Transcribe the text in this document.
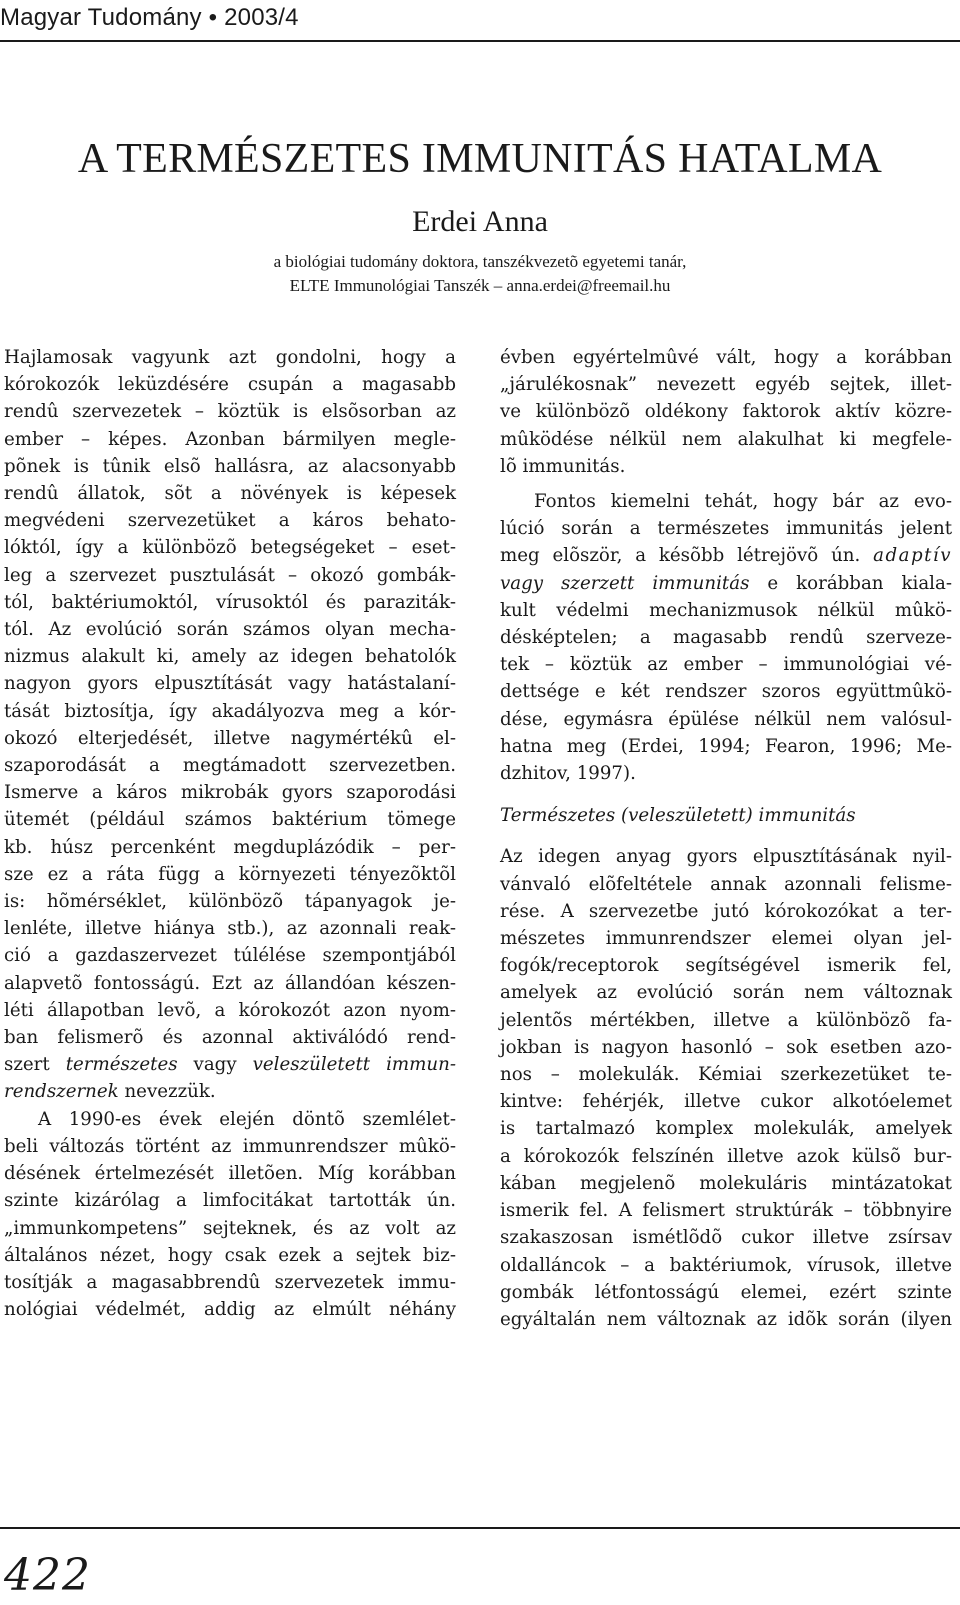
Magyar Tudomány • 2003/4
A TERMÉSZETES IMMUNITÁS HATALMA
Erdei Anna
a biológiai tudomány doktora, tanszékvezetõ egyetemi tanár,
ELTE Immunológiai Tanszék – anna.erdei@freemail.hu

Hajlamosak vagyunk azt gondolni, hogy a
kórokozók leküzdésére csupán a magasabb
rendû szervezetek – köztük is elsõsorban az
ember – képes. Azonban bármilyen megle-
põnek is tûnik elsõ hallásra, az alacsonyabb
rendû állatok, sõt a növények is képesek
megvédeni szervezetüket a káros behato-
lóktól, így a különbözõ betegségeket – eset-
leg a szervezet pusztulását – okozó gombák-
tól, baktériumoktól, vírusoktól és paraziták-
tól. Az evolúció során számos olyan mecha-
nizmus alakult ki, amely az idegen behatolók
nagyon gyors elpusztítását vagy hatástalaní-
tását biztosítja, így akadályozva meg a kór-
okozó elterjedését, illetve nagymértékû el-
szaporodását a megtámadott szervezetben.
Ismerve a káros mikrobák gyors szaporodási
ütemét (például számos baktérium tömege
kb. húsz percenként megduplázódik – per-
sze ez a ráta függ a környezeti tényezõktõl
is: hõmérséklet, különbözõ tápanyagok je-
lenléte, illetve hiánya stb.), az azonnali reak-
ció a gazdaszervezet túlélése szempontjából
alapvetõ fontosságú. Ezt az állandóan készen-
léti állapotban levõ, a kórokozót azon nyom-
ban felismerõ és azonnal aktiválódó rend-
szert természetes vagy veleszületett immun-
rendszernek nevezzük.

A 1990-es évek elején döntõ szemlélet-
beli változás történt az immunrendszer mûkö-
désének értelmezését illetõen. Míg korábban
szinte kizárólag a limfocitákat tartották ún.
„immunkompetens” sejteknek, és az volt az
általános nézet, hogy csak ezek a sejtek biz-
tosítják a magasabbrendû szervezetek immu-
nológiai védelmét, addig az elmúlt néhány

évben egyértelmûvé vált, hogy a korábban
„járulékosnak” nevezett egyéb sejtek, illet-
ve különbözõ oldékony faktorok aktív közre-
mûködése nélkül nem alakulhat ki megfele-
lõ immunitás.

Fontos kiemelni tehát, hogy bár az evo-
lúció során a természetes immunitás jelent
meg elõször, a késõbb létrejövõ ún. adaptív
vagy szerzett immunitás e korábban kiala-
kult védelmi mechanizmusok nélkül mûkö-
désképtelen; a magasabb rendû szerveze-
tek – köztük az ember – immunológiai vé-
dettsége e két rendszer szoros együttmûkö-
dése, egymásra épülése nélkül nem valósul-
hatna meg (Erdei, 1994; Fearon, 1996; Me-
dzhitov, 1997).

Természetes (veleszületett) immunitás

Az idegen anyag gyors elpusztításának nyil-
vánvaló elõfeltétele annak azonnali felisme-
rése. A szervezetbe jutó kórokozókat a ter-
mészetes immunrendszer elemei olyan jel-
fogók/receptorok segítségével ismerik fel,
amelyek az evolúció során nem változnak
jelentõs mértékben, illetve a különbözõ fa-
jokban is nagyon hasonló – sok esetben azo-
nos – molekulák. Kémiai szerkezetüket te-
kintve: fehérjék, illetve cukor alkotóelemet
is tartalmazó komplex molekulák, amelyek
a kórokozók felszínén illetve azok külsõ bur-
kában megjelenõ molekuláris mintázatokat
ismerik fel. A felismert struktúrák – többnyire
szakaszosan ismétlõdõ cukor illetve zsírsav
oldalláncok – a baktériumok, vírusok, illetve
gombák létfontosságú elemei, ezért szinte
egyáltalán nem változnak az idõk során (ilyen

422
